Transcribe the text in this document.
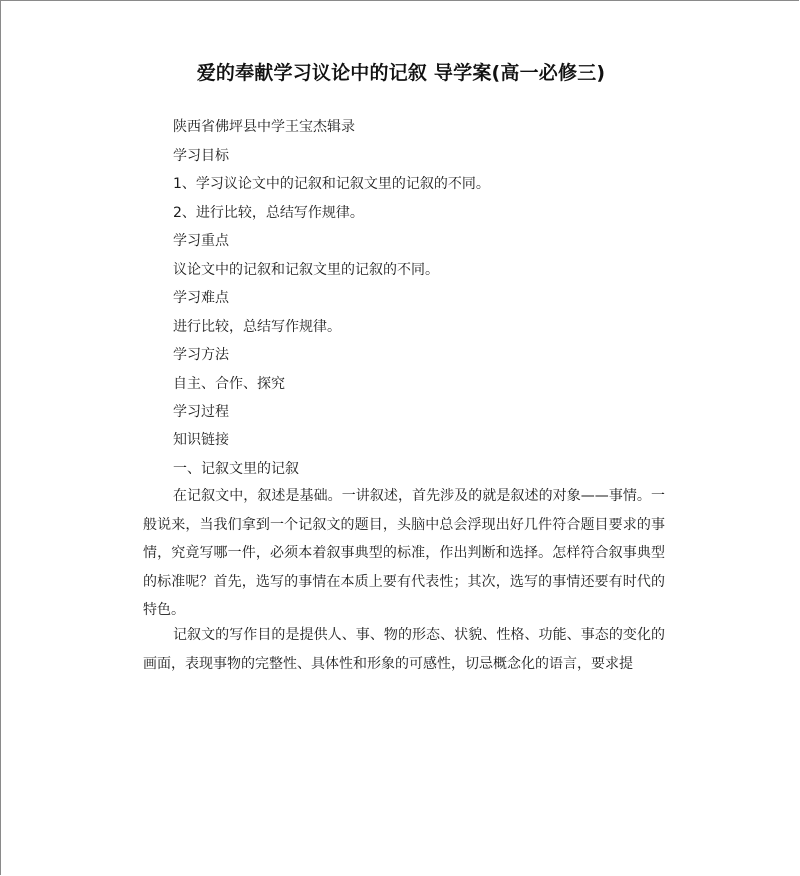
爱的奉献学习议论中的记叙 导学案(高一必修三)
陕西省佛坪县中学王宝杰辑录
学习目标
1、学习议论文中的记叙和记叙文里的记叙的不同。
2、进行比较，总结写作规律。
学习重点
议论文中的记叙和记叙文里的记叙的不同。
学习难点
进行比较，总结写作规律。
学习方法
自主、合作、探究
学习过程
知识链接
一、记叙文里的记叙

在记叙文中，叙述是基础。一讲叙述，首先涉及的就是叙述的对象——事情。一般说来，当我们拿到一个记叙文的题目，头脑中总会浮现出好几件符合题目要求的事情，究竟写哪一件，必须本着叙事典型的标准，作出判断和选择。怎样符合叙事典型的标准呢？首先，选写的事情在本质上要有代表性；其次，选写的事情还要有时代的特色。

记叙文的写作目的是提供人、事、物的形态、状貌、性格、功能、事态的变化的画面，表现事物的完整性、具体性和形象的可感性，切忌概念化的语言，要求提
